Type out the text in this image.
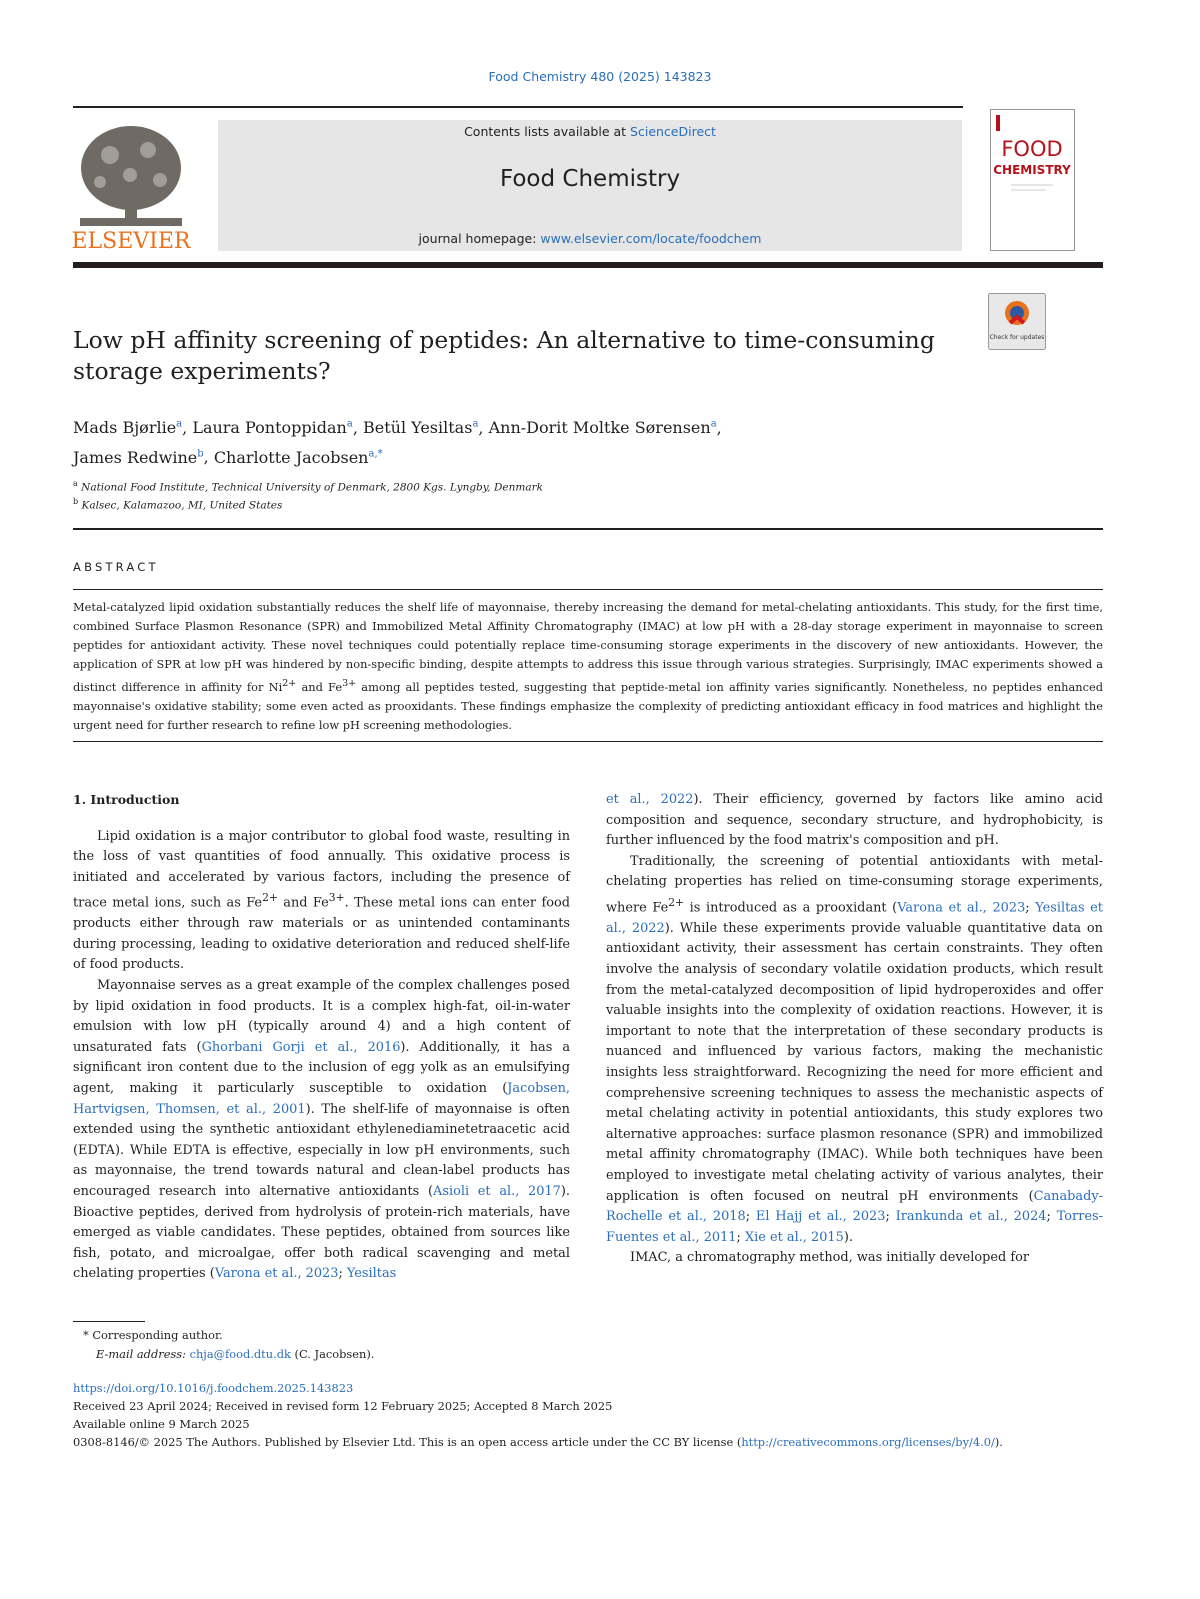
Food Chemistry 480 (2025) 143823
ELSEVIER
Contents lists available at ScienceDirect
Food Chemistry
journal homepage: www.elsevier.com/locate/foodchem
FOOD
CHEMISTRY
Low pH affinity screening of peptides: An alternative to time-consuming storage experiments?
Check for updates
Mads Bjørlie$^a$, Laura Pontoppidan$^a$, Betül Yesiltas$^a$, Ann-Dorit Moltke Sørensen$^a$,
James Redwine$^b$, Charlotte Jacobsen$^{a,*}$
$^a$ National Food Institute, Technical University of Denmark, 2800 Kgs. Lyngby, Denmark
$^b$ Kalsec, Kalamazoo, MI, United States
ABSTRACT

Metal-catalyzed lipid oxidation substantially reduces the shelf life of mayonnaise, thereby increasing the demand for metal-chelating antioxidants. This study, for the first time, combined Surface Plasmon Resonance (SPR) and Immobilized Metal Affinity Chromatography (IMAC) at low pH with a 28-day storage experiment in mayonnaise to screen peptides for antioxidant activity. These novel techniques could potentially replace time-consuming storage experiments in the discovery of new antioxidants. However, the application of SPR at low pH was hindered by non-specific binding, despite attempts to address this issue through various strategies. Surprisingly, IMAC experiments showed a distinct difference in affinity for $Ni^{2+}$ and $Fe^{3+}$ among all peptides tested, suggesting that peptide-metal ion affinity varies significantly. Nonetheless, no peptides enhanced mayonnaise's oxidative stability; some even acted as prooxidants. These findings emphasize the complexity of predicting antioxidant efficacy in food matrices and highlight the urgent need for further research to refine low pH screening methodologies.

1. Introduction

Lipid oxidation is a major contributor to global food waste, resulting in the loss of vast quantities of food annually. This oxidative process is initiated and accelerated by various factors, including the presence of trace metal ions, such as $Fe^{2+}$ and $Fe^{3+}$. These metal ions can enter food products either through raw materials or as unintended contaminants during processing, leading to oxidative deterioration and reduced shelf-life of food products.

Mayonnaise serves as a great example of the complex challenges posed by lipid oxidation in food products. It is a complex high-fat, oil-in-water emulsion with low pH (typically around 4) and a high content of unsaturated fats (Ghorbani Gorji et al., 2016). Additionally, it has a significant iron content due to the inclusion of egg yolk as an emulsifying agent, making it particularly susceptible to oxidation (Jacobsen, Hartvigsen, Thomsen, et al., 2001). The shelf-life of mayonnaise is often extended using the synthetic antioxidant ethylenediaminetetraacetic acid (EDTA). While EDTA is effective, especially in low pH environments, such as mayonnaise, the trend towards natural and clean-label products has encouraged research into alternative antioxidants (Asioli et al., 2017). Bioactive peptides, derived from hydrolysis of protein-rich materials, have emerged as viable candidates. These peptides, obtained from sources like fish, potato, and microalgae, offer both radical scavenging and metal chelating properties (Varona et al., 2023; Yesiltas

et al., 2022). Their efficiency, governed by factors like amino acid composition and sequence, secondary structure, and hydrophobicity, is further influenced by the food matrix's composition and pH.

Traditionally, the screening of potential antioxidants with metal-chelating properties has relied on time-consuming storage experiments, where $Fe^{2+}$ is introduced as a prooxidant (Varona et al., 2023; Yesiltas et al., 2022). While these experiments provide valuable quantitative data on antioxidant activity, their assessment has certain constraints. They often involve the analysis of secondary volatile oxidation products, which result from the metal-catalyzed decomposition of lipid hydroperoxides and offer valuable insights into the complexity of oxidation reactions. However, it is important to note that the interpretation of these secondary products is nuanced and influenced by various factors, making the mechanistic insights less straightforward. Recognizing the need for more efficient and comprehensive screening techniques to assess the mechanistic aspects of metal chelating activity in potential antioxidants, this study explores two alternative approaches: surface plasmon resonance (SPR) and immobilized metal affinity chromatography (IMAC). While both techniques have been employed to investigate metal chelating activity of various analytes, their application is often focused on neutral pH environments (Canabady-Rochelle et al., 2018; El Hajj et al., 2023; Irankunda et al., 2024; Torres-Fuentes et al., 2011; Xie et al., 2015).

IMAC, a chromatography method, was initially developed for

* Corresponding author.
E-mail address: chja@food.dtu.dk (C. Jacobsen).
https://doi.org/10.1016/j.foodchem.2025.143823
Received 23 April 2024; Received in revised form 12 February 2025; Accepted 8 March 2025
Available online 9 March 2025
0308-8146/© 2025 The Authors. Published by Elsevier Ltd. This is an open access article under the CC BY license (http://creativecommons.org/licenses/by/4.0/).
